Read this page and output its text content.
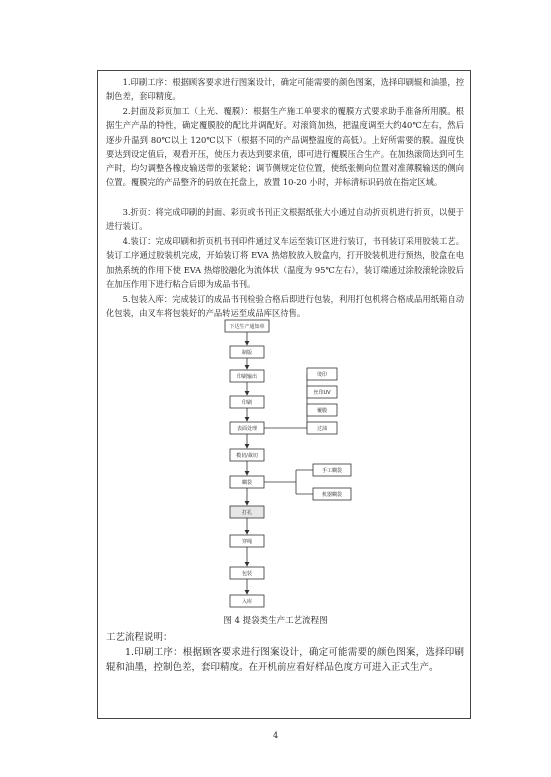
1.印刷工序：根据顾客要求进行图案设计，确定可能需要的颜色图案，选择印刷辊和油墨，控制色差，套印精度。

2.封面及彩页加工（上光、覆膜）：根据生产施工单要求的覆膜方式要求助手准备所用膜。根据生产产品的特性，确定覆膜胶的配比并调配好。对滚筒加热，把温度调至大约40℃左右，然后逐步升温到 80℃以上 120℃以下（根据不同的产品调整温度的高低）。上好所需要的膜。温度快要达到设定值后，观看开压，使压力表达到要求值，即可进行覆膜压合生产。在加热滚筒达到可生产时，均匀调整各橡皮输送带的张紧轮；调节侧规定位位置，使纸张侧向位置对准薄膜输送的侧向位置。覆膜完的产品整齐的码放在托盘上，放置 10-20 小时，并标清标识码放在指定区域。

3.折页：将完成印刷的封面、彩页或书刊正文根据纸张大小通过自动折页机进行折页，以便于进行装订。

4.装订：完成印刷和折页机书刊印件通过叉车运至装订区进行装订，书刊装订采用胶装工艺。装订工序通过胶装机完成，开始装订将 EVA 热熔胶放入胶盒内，打开胶装机进行预热，胶盒在电加热系统的作用下使 EVA 热熔胶融化为流体状（温度为 95℃左右），装订端通过涂胶滚轮涂胶后在加压作用下进行粘合后即为成品书刊。

5.包装入库：完成装订的成品书刊检验合格后即进行包装，利用打包机将合格成品用纸箱自动化包装，由叉车将包装好的产品转运至成品库区待售。

下达生产通知单
制版
印刷输出
印刷
表面处理
模切/裁切
糊袋
打孔
穿绳
包装
入库
烫印
丝印UV
覆膜
过油
手工糊袋
机器糊袋
图 4 提袋类生产工艺流程图

工艺流程说明：

1.印刷工序：根据顾客要求进行图案设计，确定可能需要的颜色图案，选择印刷辊和油墨，控制色差，套印精度。在开机前应看好样品色度方可进入正式生产。

4
